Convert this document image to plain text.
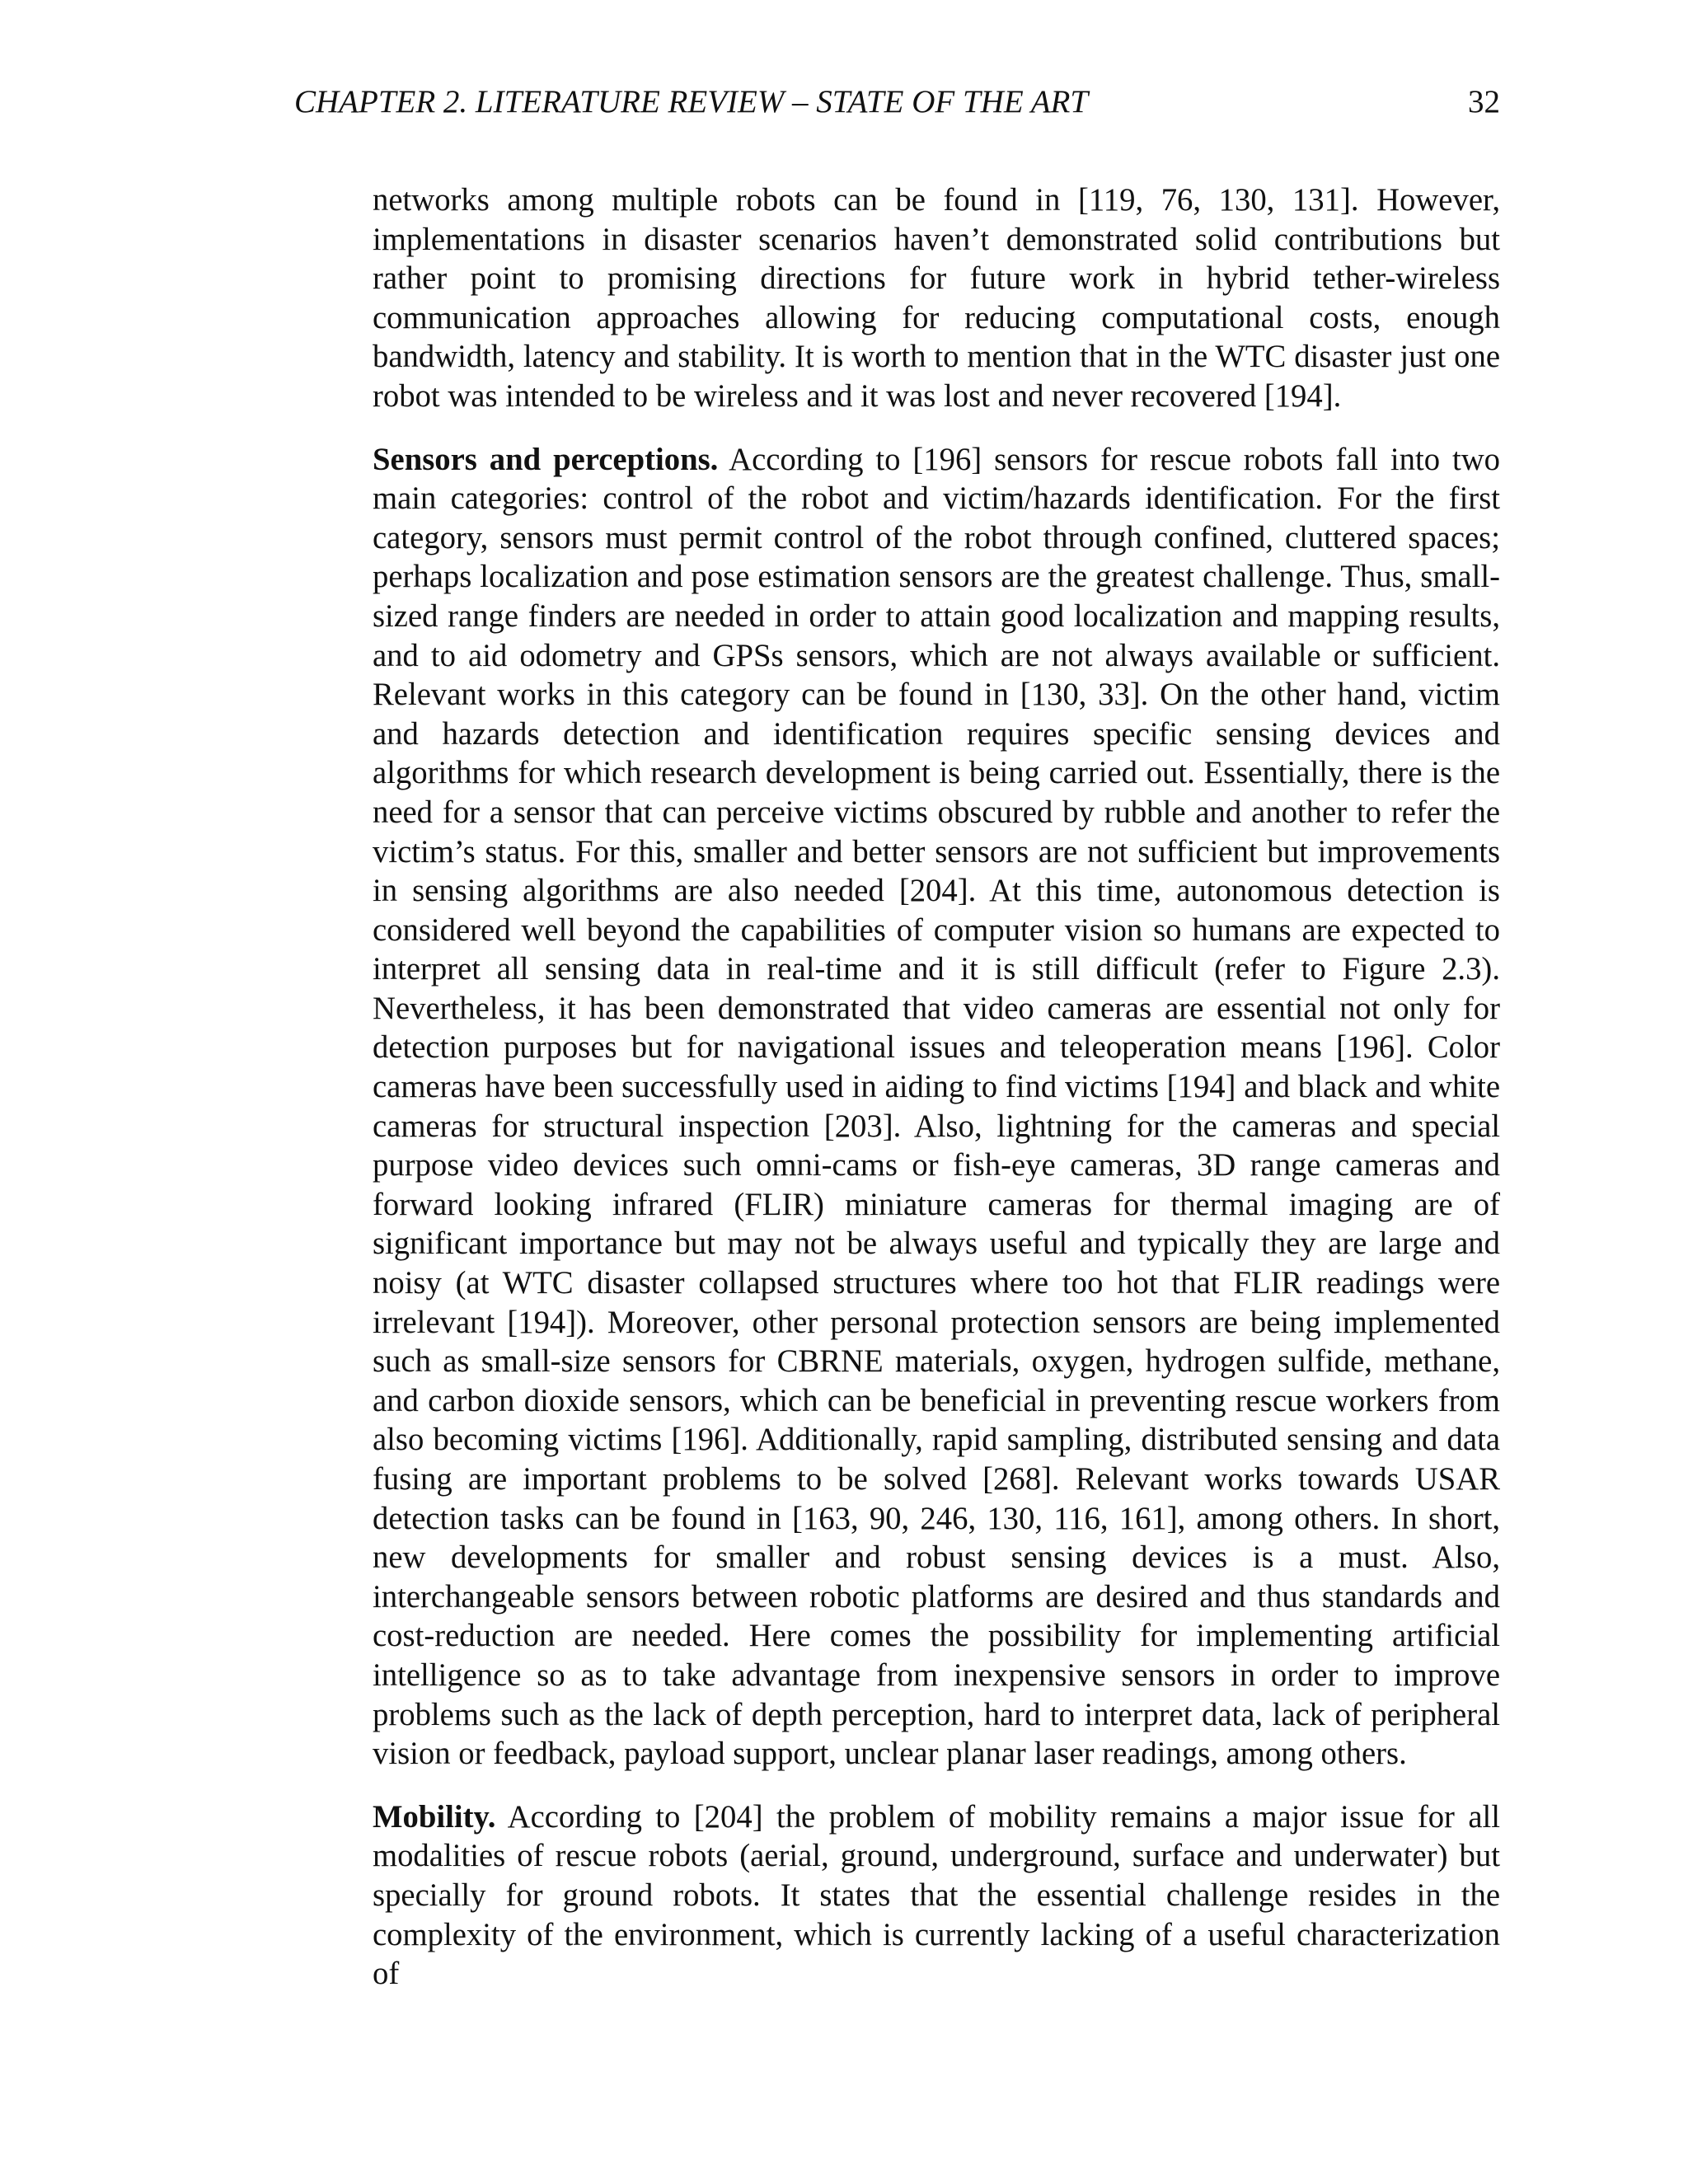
CHAPTER 2. LITERATURE REVIEW – STATE OF THE ART	32

networks among multiple robots can be found in [119, 76, 130, 131]. However, implementations in disaster scenarios haven’t demonstrated solid contributions but rather point to promising directions for future work in hybrid tether-wireless communication approaches allowing for reducing computational costs, enough bandwidth, latency and stability. It is worth to mention that in the WTC disaster just one robot was intended to be wireless and it was lost and never recovered [194].

Sensors and perceptions. According to [196] sensors for rescue robots fall into two main categories: control of the robot and victim/hazards identification. For the first category, sensors must permit control of the robot through confined, cluttered spaces; perhaps localization and pose estimation sensors are the greatest challenge. Thus, small-sized range finders are needed in order to attain good localization and mapping results, and to aid odometry and GPSs sensors, which are not always available or sufficient. Relevant works in this category can be found in [130, 33]. On the other hand, victim and hazards detection and identification requires specific sensing devices and algorithms for which research development is being carried out. Essentially, there is the need for a sensor that can perceive victims obscured by rubble and another to refer the victim’s status. For this, smaller and better sensors are not sufficient but improvements in sensing algorithms are also needed [204]. At this time, autonomous detection is considered well beyond the capabilities of computer vision so humans are expected to interpret all sensing data in real-time and it is still difficult (refer to Figure 2.3). Nevertheless, it has been demonstrated that video cameras are essential not only for detection purposes but for navigational issues and teleoperation means [196]. Color cameras have been successfully used in aiding to find victims [194] and black and white cameras for structural inspection [203]. Also, lightning for the cameras and special purpose video devices such omni-cams or fish-eye cameras, 3D range cameras and forward looking infrared (FLIR) miniature cameras for thermal imaging are of significant importance but may not be always useful and typically they are large and noisy (at WTC disaster collapsed structures where too hot that FLIR readings were irrelevant [194]). Moreover, other personal protection sensors are being implemented such as small-size sensors for CBRNE materials, oxygen, hydrogen sulfide, methane, and carbon dioxide sensors, which can be beneficial in preventing rescue workers from also becoming victims [196]. Additionally, rapid sampling, distributed sensing and data fusing are important problems to be solved [268]. Relevant works towards USAR detection tasks can be found in [163, 90, 246, 130, 116, 161], among others. In short, new developments for smaller and robust sensing devices is a must. Also, interchangeable sensors between robotic platforms are desired and thus standards and cost-reduction are needed. Here comes the possibility for implementing artificial intelligence so as to take advantage from inexpensive sensors in order to improve problems such as the lack of depth perception, hard to interpret data, lack of peripheral vision or feedback, payload support, unclear planar laser readings, among others.

Mobility. According to [204] the problem of mobility remains a major issue for all modalities of rescue robots (aerial, ground, underground, surface and underwater) but specially for ground robots. It states that the essential challenge resides in the complexity of the environment, which is currently lacking of a useful characterization of
